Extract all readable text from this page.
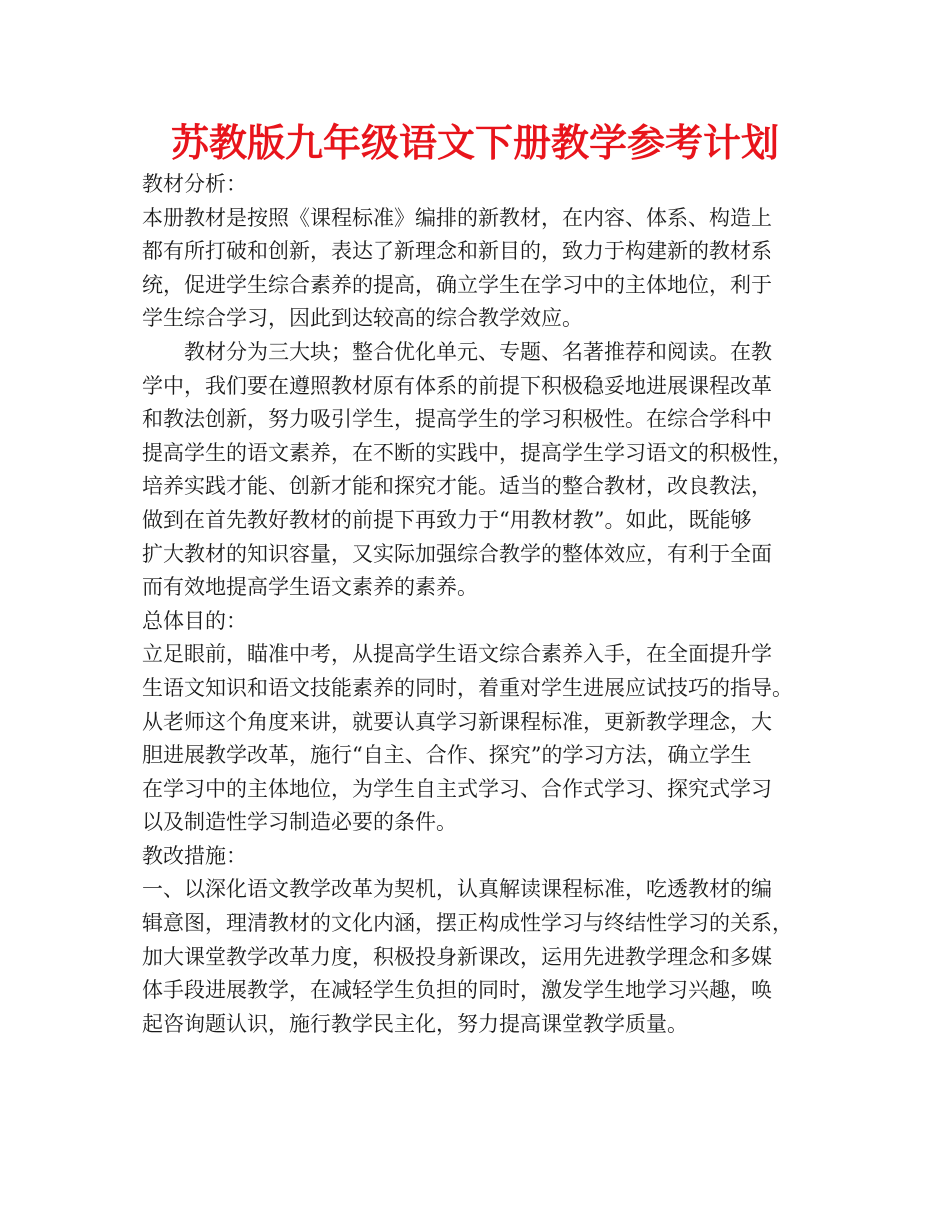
苏教版九年级语文下册教学参考计划
教材分析：
本册教材是按照《课程标准》编排的新教材，在内容、体系、构造上
都有所打破和创新，表达了新理念和新目的，致力于构建新的教材系
统，促进学生综合素养的提高，确立学生在学习中的主体地位，利于
学生综合学习，因此到达较高的综合教学效应。
教材分为三大块；整合优化单元、专题、名著推荐和阅读。在教
学中，我们要在遵照教材原有体系的前提下积极稳妥地进展课程改革
和教法创新，努力吸引学生，提高学生的学习积极性。在综合学科中
提高学生的语文素养，在不断的实践中，提高学生学习语文的积极性，
培养实践才能、创新才能和探究才能。适当的整合教材，改良教法，
做到在首先教好教材的前提下再致力于“用教材教”。如此，既能够
扩大教材的知识容量，又实际加强综合教学的整体效应，有利于全面
而有效地提高学生语文素养的素养。
总体目的：
立足眼前，瞄准中考，从提高学生语文综合素养入手，在全面提升学
生语文知识和语文技能素养的同时，着重对学生进展应试技巧的指导。
从老师这个角度来讲，就要认真学习新课程标准，更新教学理念，大
胆进展教学改革，施行“自主、合作、探究”的学习方法，确立学生
在学习中的主体地位，为学生自主式学习、合作式学习、探究式学习
以及制造性学习制造必要的条件。
教改措施：
一、以深化语文教学改革为契机，认真解读课程标准，吃透教材的编
辑意图，理清教材的文化内涵，摆正构成性学习与终结性学习的关系，
加大课堂教学改革力度，积极投身新课改，运用先进教学理念和多媒
体手段进展教学，在减轻学生负担的同时，激发学生地学习兴趣，唤
起咨询题认识，施行教学民主化，努力提高课堂教学质量。
